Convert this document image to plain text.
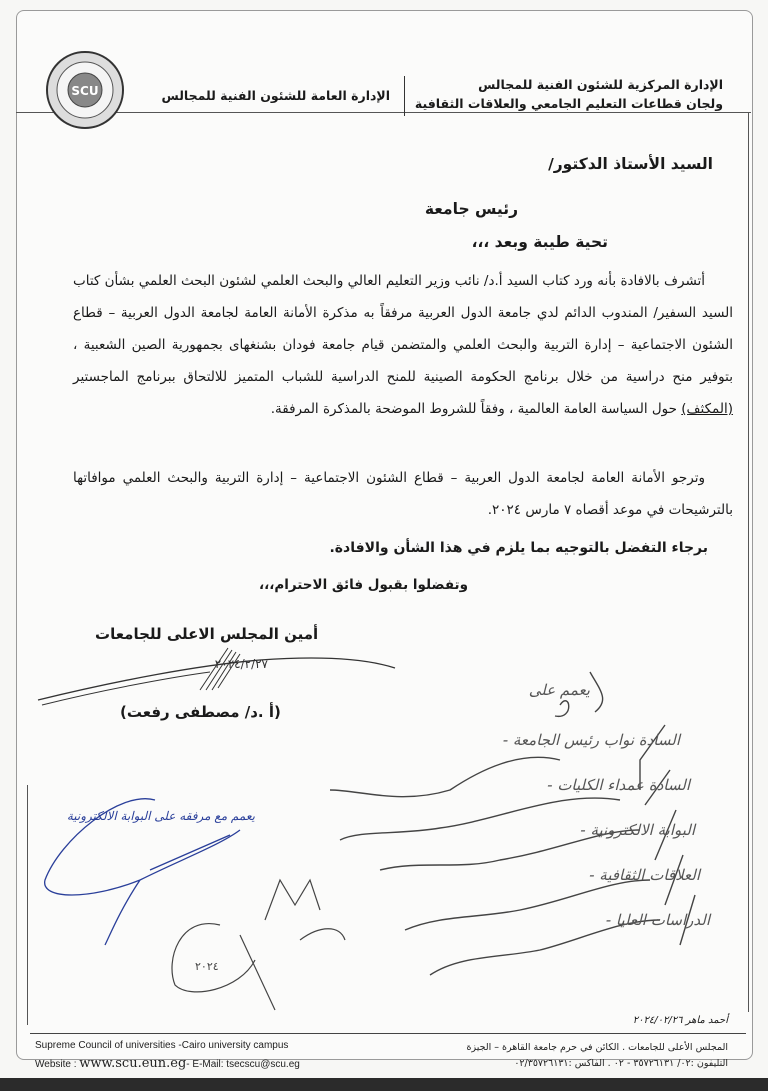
SCU	الإدارة المركزية للشئون الفنية للمجالس
ولجان قطاعات التعليم الجامعي والعلاقات الثقافية
الإدارة العامة للشئون الفنية للمجالس
السيد الأستاذ الدكتور/
رئيس جامعة
تحية طيبة وبعد ،،،
أتشرف بالافادة بأنه ورد كتاب السيد أ.د/ نائب وزير التعليم العالي والبحث العلمي لشئون البحث العلمي بشأن كتاب السيد السفير/ المندوب الدائم لدي جامعة الدول العربية مرفقاً به مذكرة الأمانة العامة لجامعة الدول العربية – قطاع الشئون الاجتماعية – إدارة التربية والبحث العلمي والمتضمن قيام جامعة فودان بشنغهاى بجمهورية الصين الشعبية ، بتوفير منح دراسية من خلال برنامج الحكومة الصينية للمنح الدراسية للشباب المتميز للالتحاق ببرنامج الماجستير (المكثف) حول السياسة العامة العالمية ، وفقاً للشروط الموضحة بالمذكرة المرفقة.
وترجو الأمانة العامة لجامعة الدول العربية – قطاع الشئون الاجتماعية – إدارة التربية والبحث العلمي موافاتها بالترشيحات في موعد أقصاه ٧ مارس ٢٠٢٤.
برجاء التفضل بالتوجيه بما يلزم في هذا الشأن والافادة.
وتفضلوا بقبول فائق الاحترام،،،
أمين المجلس الاعلى للجامعات
(أ .د/ مصطفى رفعت)
٢٠٢٤/٢/٢٧
يعمم على
- السادة نواب رئيس الجامعة
- السادة عمداء الكليات
- البوابة الالكترونية
- العلاقات الثقافية
- الدراسات العليا
يعمم مع مرفقه على البوابة الالكترونية
٢٠٢٤
أحمد ماهر ٢٠٢٤/٠٢/٢٦
Supreme Council of universities -Cairo university campus
Website : www.scu.eun.eg- E-Mail: tsecscu@scu.eg
المجلس الأعلى للجامعات . الكائن في حرم جامعة القاهرة – الجيزة
التليفون :٠٢/ ٣٥٧٢٦١٣١ - ٠٢ . الفاكس :٠٢/٣٥٧٢٦١٣١
